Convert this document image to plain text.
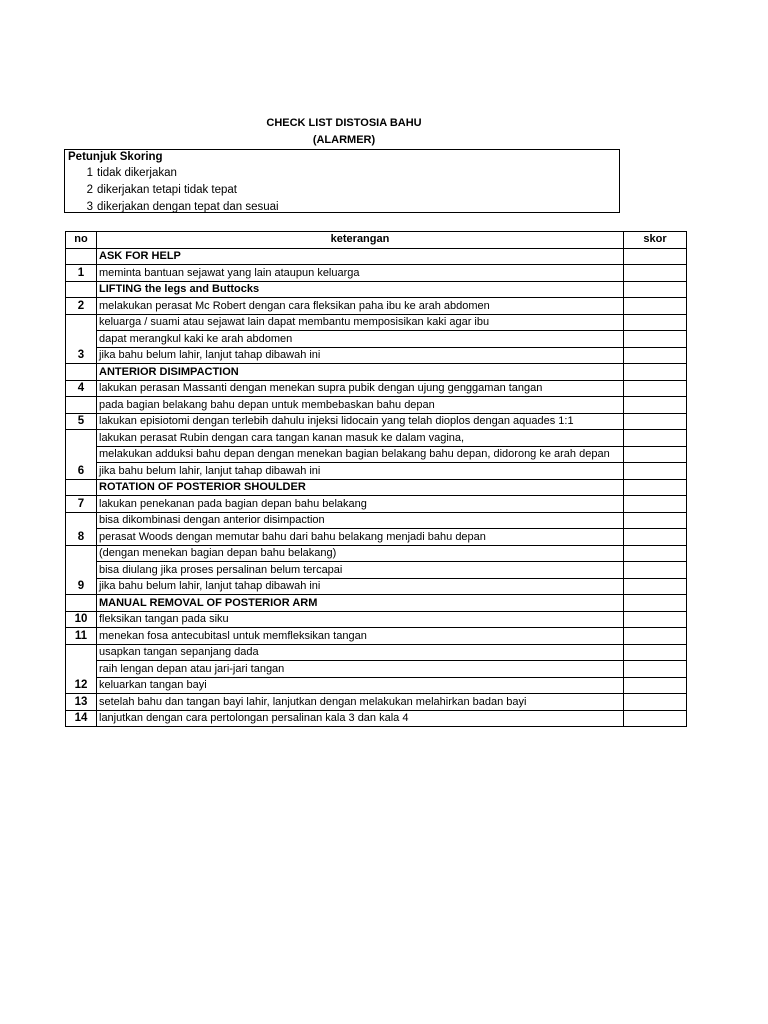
CHECK LIST DISTOSIA BAHU
(ALARMER)
Petunjuk Skoring
1 tidak dikerjakan
2 dikerjakan tetapi tidak tepat
3 dikerjakan dengan tepat dan sesuai
no	keterangan	skor
	ASK FOR HELP	
1	meminta bantuan sejawat yang lain ataupun keluarga	
	LIFTING the legs and Buttocks	
2	melakukan perasat Mc Robert dengan cara fleksikan paha ibu ke arah abdomen	
3	keluarga / suami atau sejawat lain dapat membantu memposisikan kaki agar ibu	
	dapat merangkul kaki ke arah abdomen	
	jika bahu belum lahir, lanjut tahap dibawah ini	
	ANTERIOR DISIMPACTION	
4	lakukan perasan Massanti dengan menekan supra pubik dengan ujung genggaman tangan	
	pada bagian belakang bahu depan untuk membebaskan bahu depan	
5	lakukan episiotomi dengan terlebih dahulu injeksi lidocain yang telah dioplos dengan aquades 1:1	
6	lakukan perasat Rubin dengan cara tangan kanan masuk ke dalam vagina,	
	melakukan adduksi bahu depan dengan menekan bagian belakang bahu depan, didorong ke arah depan	
	jika bahu belum lahir, lanjut tahap dibawah ini	
	ROTATION OF POSTERIOR SHOULDER	
7	lakukan penekanan pada bagian depan bahu belakang	
8	bisa dikombinasi dengan anterior disimpaction	
	perasat Woods dengan memutar bahu dari bahu belakang menjadi bahu depan	
9	(dengan menekan bagian depan bahu belakang)	
	bisa diulang jika proses persalinan belum tercapai	
	jika bahu belum lahir, lanjut tahap dibawah ini	
	MANUAL REMOVAL OF POSTERIOR ARM	
10	fleksikan tangan pada siku	
11	menekan fosa antecubitasl untuk memfleksikan tangan	
12	usapkan tangan sepanjang dada	
	raih lengan depan atau jari-jari tangan	
	keluarkan tangan bayi	
13	setelah bahu dan tangan bayi lahir, lanjutkan dengan melakukan melahirkan badan bayi	
14	lanjutkan dengan cara pertolongan persalinan kala 3 dan kala 4	
